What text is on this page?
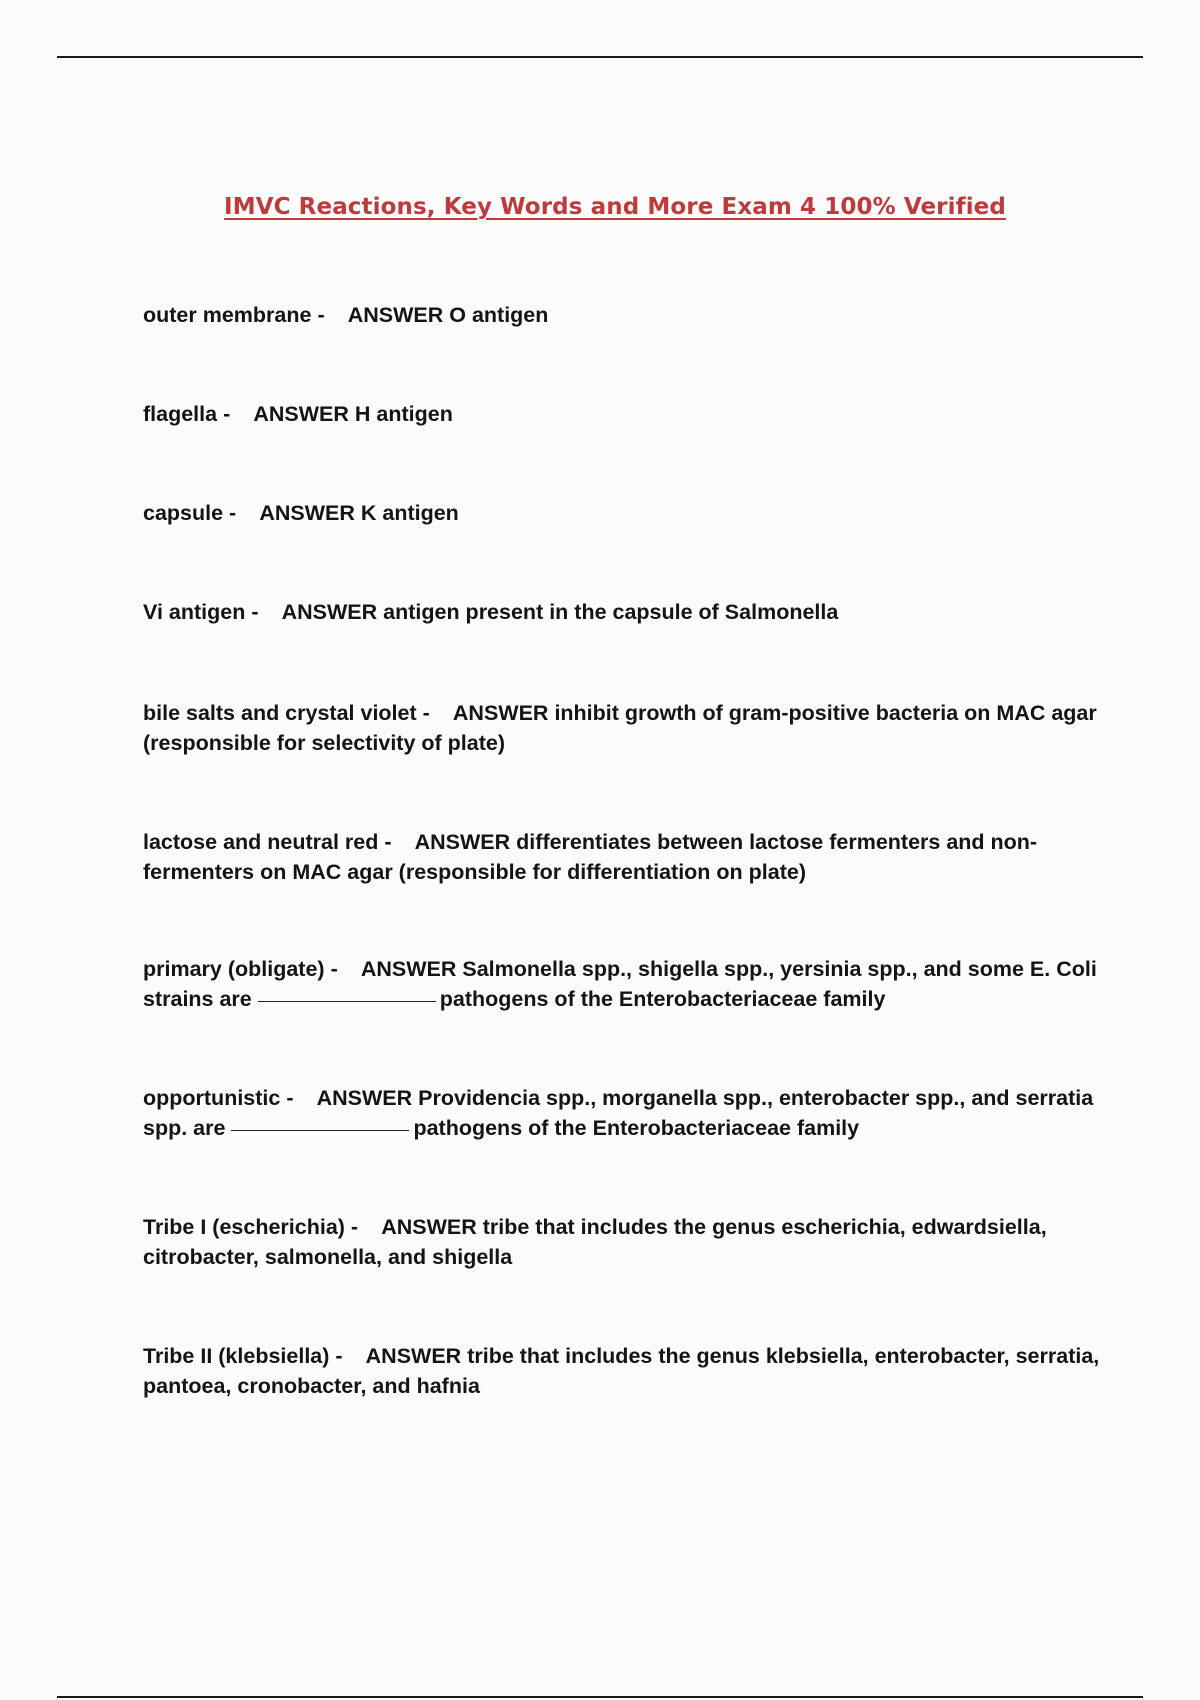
IMVC Reactions, Key Words and More Exam 4 100% Verified
outer membrane -    ANSWER O antigen
flagella -    ANSWER H antigen
capsule -    ANSWER K antigen
Vi antigen -    ANSWER antigen present in the capsule of Salmonella
bile salts and crystal violet -    ANSWER inhibit growth of gram-positive bacteria on MAC agar (responsible for selectivity of plate)
lactose and neutral red -    ANSWER differentiates between lactose fermenters and non-fermenters on MAC agar (responsible for differentiation on plate)
primary (obligate) -    ANSWER Salmonella spp., shigella spp., yersinia spp., and some E. Coli strains are	pathogens of the Enterobacteriaceae family
opportunistic -    ANSWER Providencia spp., morganella spp., enterobacter spp., and serratia spp. are	pathogens of the Enterobacteriaceae family
Tribe I (escherichia) -    ANSWER tribe that includes the genus escherichia, edwardsiella, citrobacter, salmonella, and shigella
Tribe II (klebsiella) -    ANSWER tribe that includes the genus klebsiella, enterobacter, serratia, pantoea, cronobacter, and hafnia
